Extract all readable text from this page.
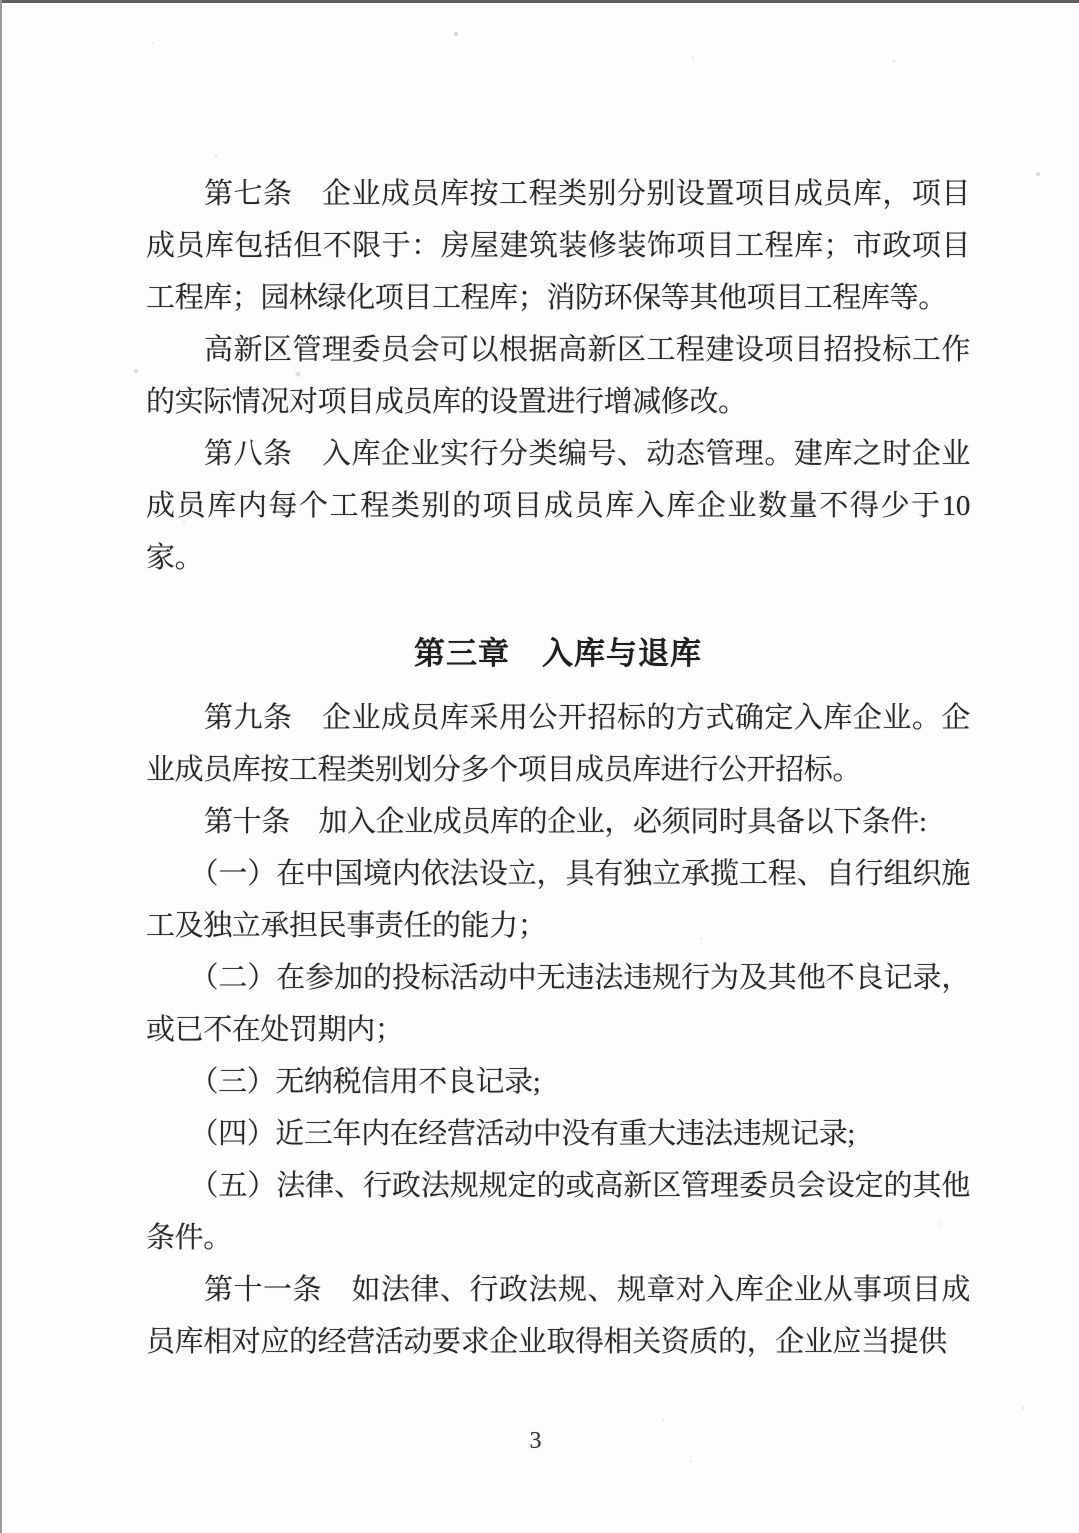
第七条　企业成员库按工程类别分别设置项目成员库，项目成员库包括但不限于：房屋建筑装修装饰项目工程库；市政项目工程库；园林绿化项目工程库；消防环保等其他项目工程库等。

高新区管理委员会可以根据高新区工程建设项目招投标工作的实际情况对项目成员库的设置进行增减修改。

第八条　入库企业实行分类编号、动态管理。建库之时企业成员库内每个工程类别的项目成员库入库企业数量不得少于10家。

第三章　入库与退库

第九条　企业成员库采用公开招标的方式确定入库企业。企业成员库按工程类别划分多个项目成员库进行公开招标。

第十条　加入企业成员库的企业，必须同时具备以下条件:

（一）在中国境内依法设立，具有独立承揽工程、自行组织施工及独立承担民事责任的能力；

（二）在参加的投标活动中无违法违规行为及其他不良记录，或已不在处罚期内；

（三）无纳税信用不良记录;

（四）近三年内在经营活动中没有重大违法违规记录;

（五）法律、行政法规规定的或高新区管理委员会设定的其他条件。

第十一条　如法律、行政法规、规章对入库企业从事项目成员库相对应的经营活动要求企业取得相关资质的，企业应当提供

3
